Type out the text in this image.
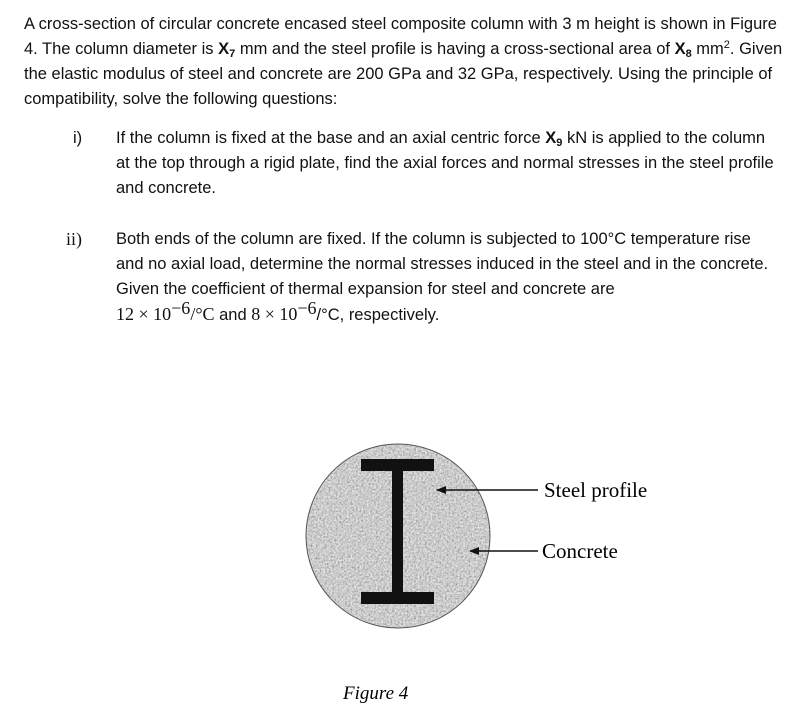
A cross-section of circular concrete encased steel composite column with 3 m height is shown in Figure 4. The column diameter is $X_7$ mm and the steel profile is having a cross-sectional area of $X_8$ $mm^2$. Given the elastic modulus of steel and concrete are 200 GPa and 32 GPa, respectively. Using the principle of compatibility, solve the following questions:

i) If the column is fixed at the base and an axial centric force $X_9$ kN is applied to the column at the top through a rigid plate, find the axial forces and normal stresses in the steel profile and concrete.

ii) Both ends of the column are fixed. If the column is subjected to 100°C temperature rise and no axial load, determine the normal stresses induced in the steel and in the concrete. Given the coefficient of thermal expansion for steel and concrete are
$12 \times 10^{-6}/^\circ C$ and $8 \times 10^{-6}/^\circ C$, respectively.

Steel profile
Concrete
Figure 4
